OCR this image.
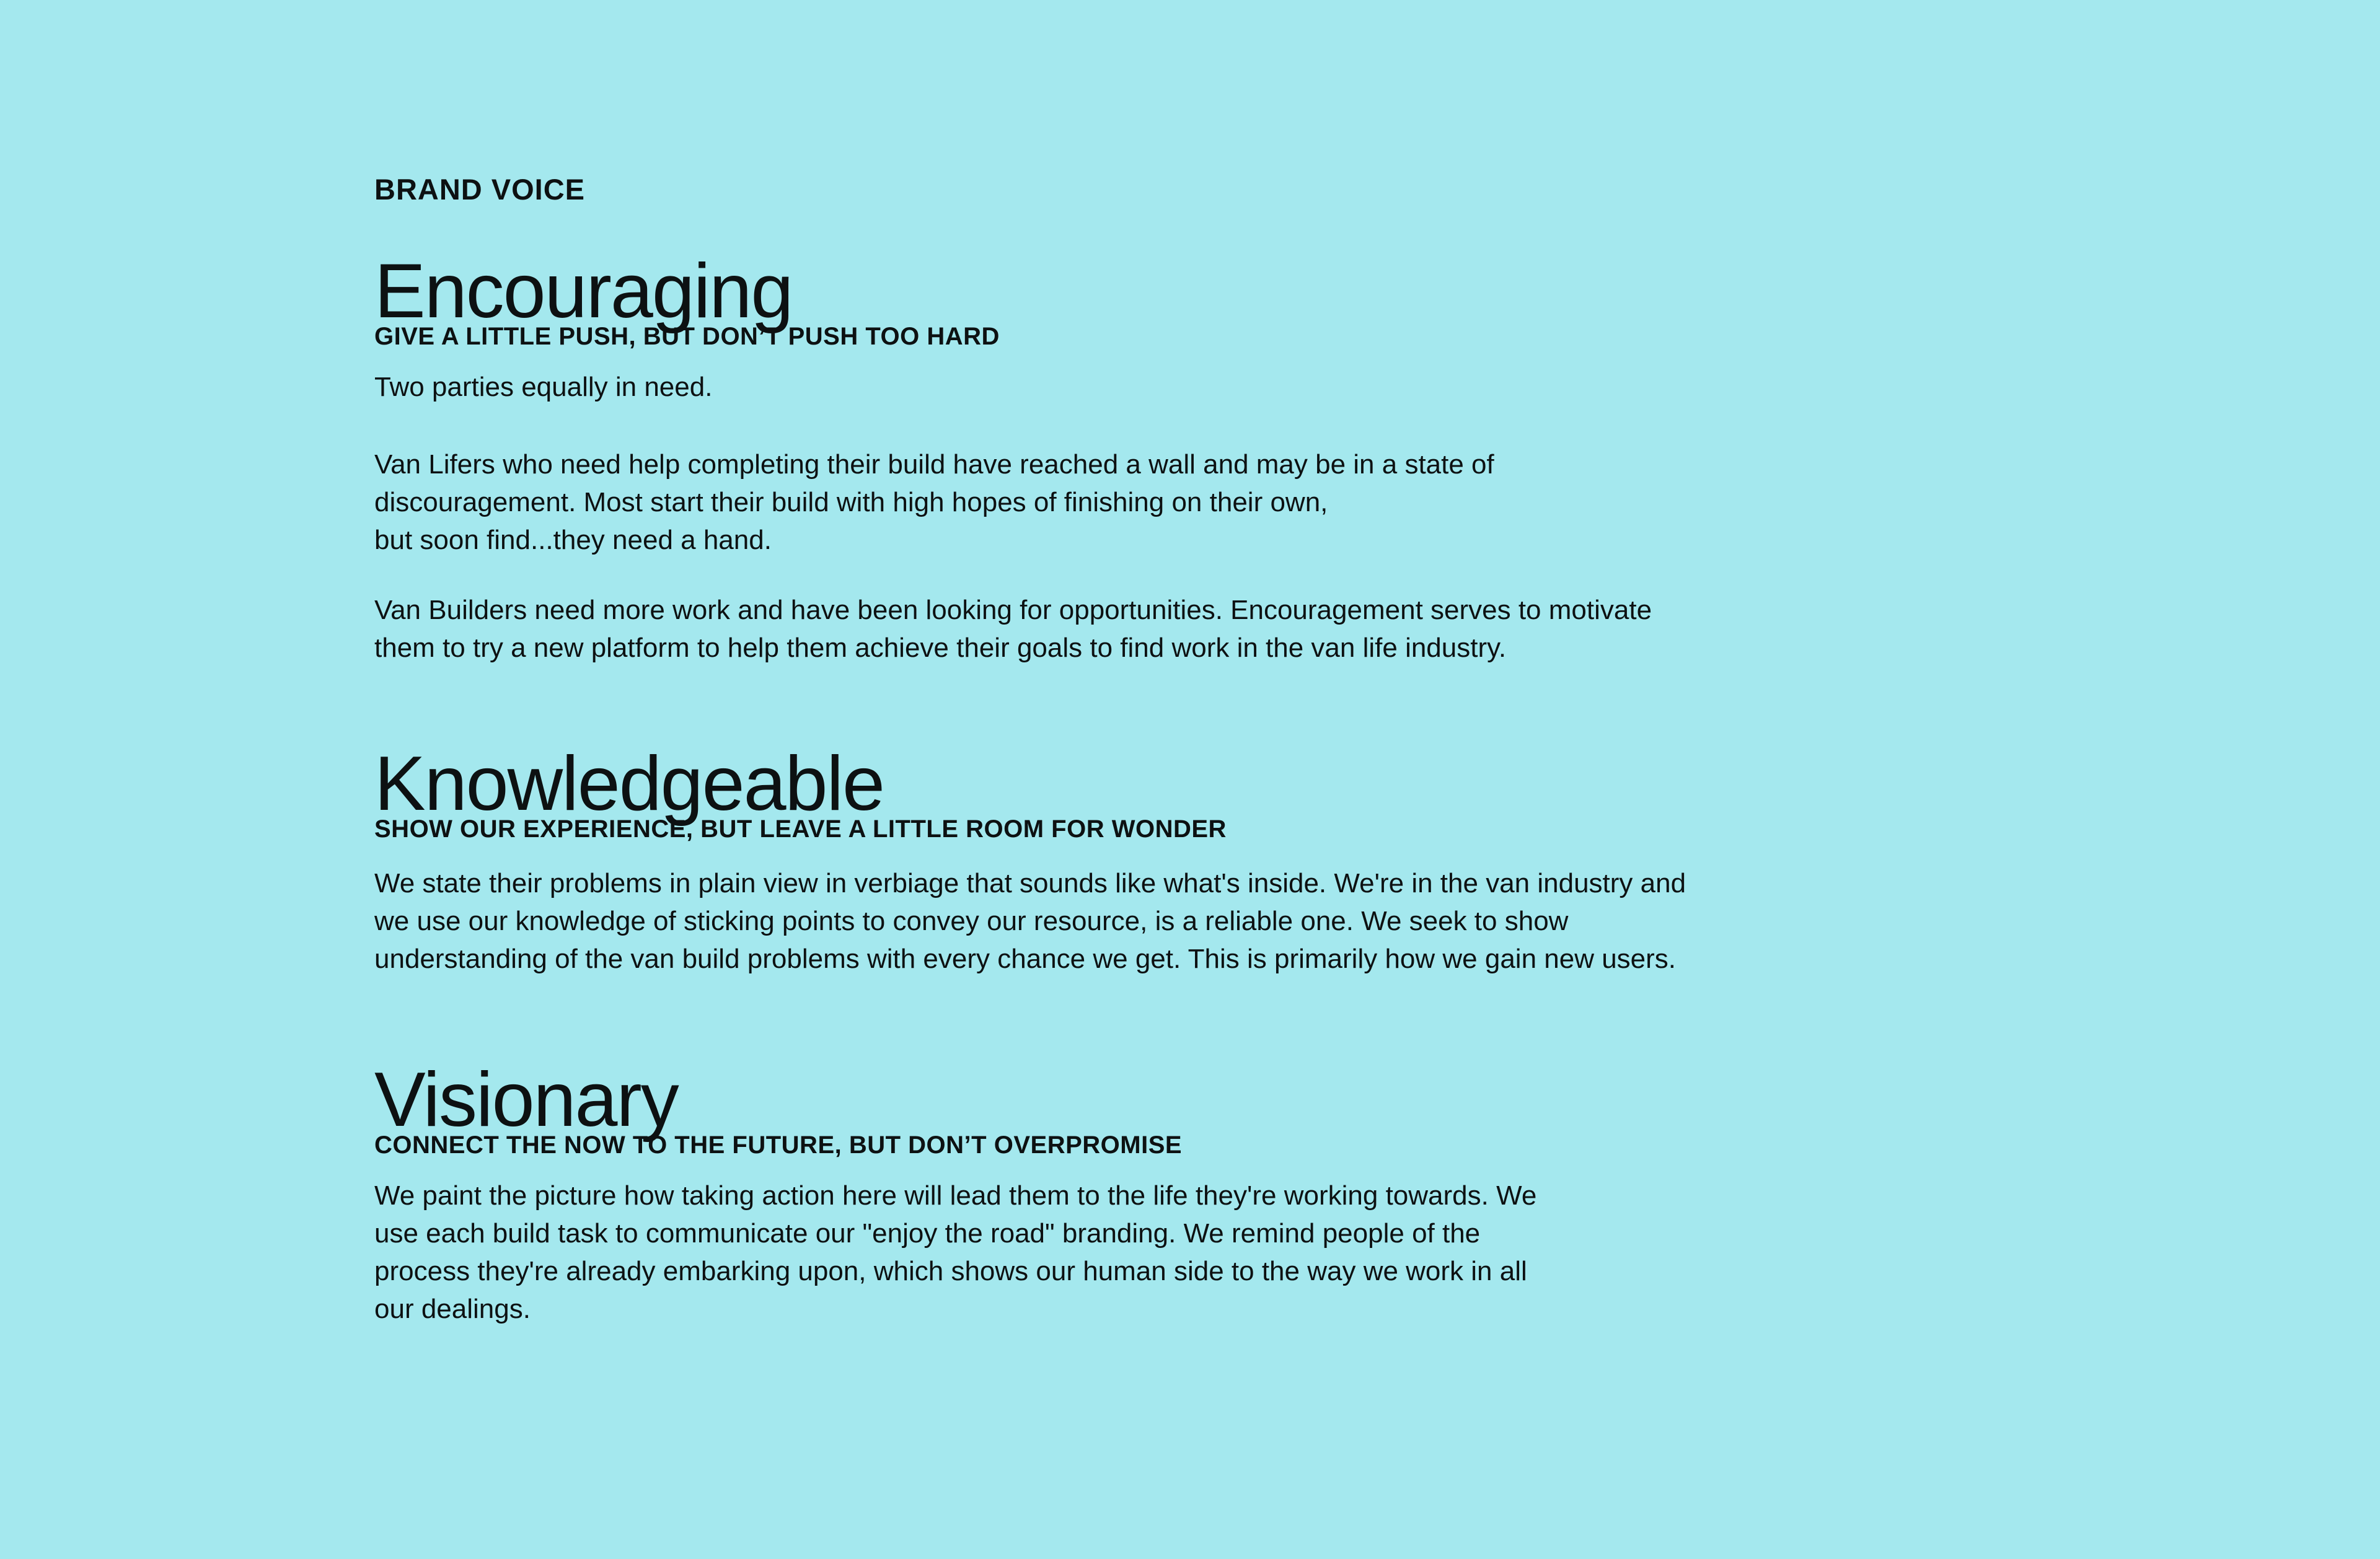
BRAND VOICE
Encouraging
GIVE A LITTLE PUSH, BUT DON’T PUSH TOO HARD

Two parties equally in need.

Van Lifers who need help completing their build have reached a wall and may be in a state of
discouragement. Most start their build with high hopes of finishing on their own,
but soon find...they need a hand.

Van Builders need more work and have been looking for opportunities. Encouragement serves to motivate
them to try a new platform to help them achieve their goals to find work in the van life industry.

Knowledgeable
SHOW OUR EXPERIENCE, BUT LEAVE A LITTLE ROOM FOR WONDER

We state their problems in plain view in verbiage that sounds like what's inside. We're in the van industry and
we use our knowledge of sticking points to convey our resource, is a reliable one. We seek to show
understanding of the van build problems with every chance we get. This is primarily how we gain new users.

Visionary
CONNECT THE NOW TO THE FUTURE, BUT DON’T OVERPROMISE

We paint the picture how taking action here will lead them to the life they're working towards. We
use each build task to communicate our "enjoy the road" branding. We remind people of the
process they're already embarking upon, which shows our human side to the way we work in all
our dealings.
